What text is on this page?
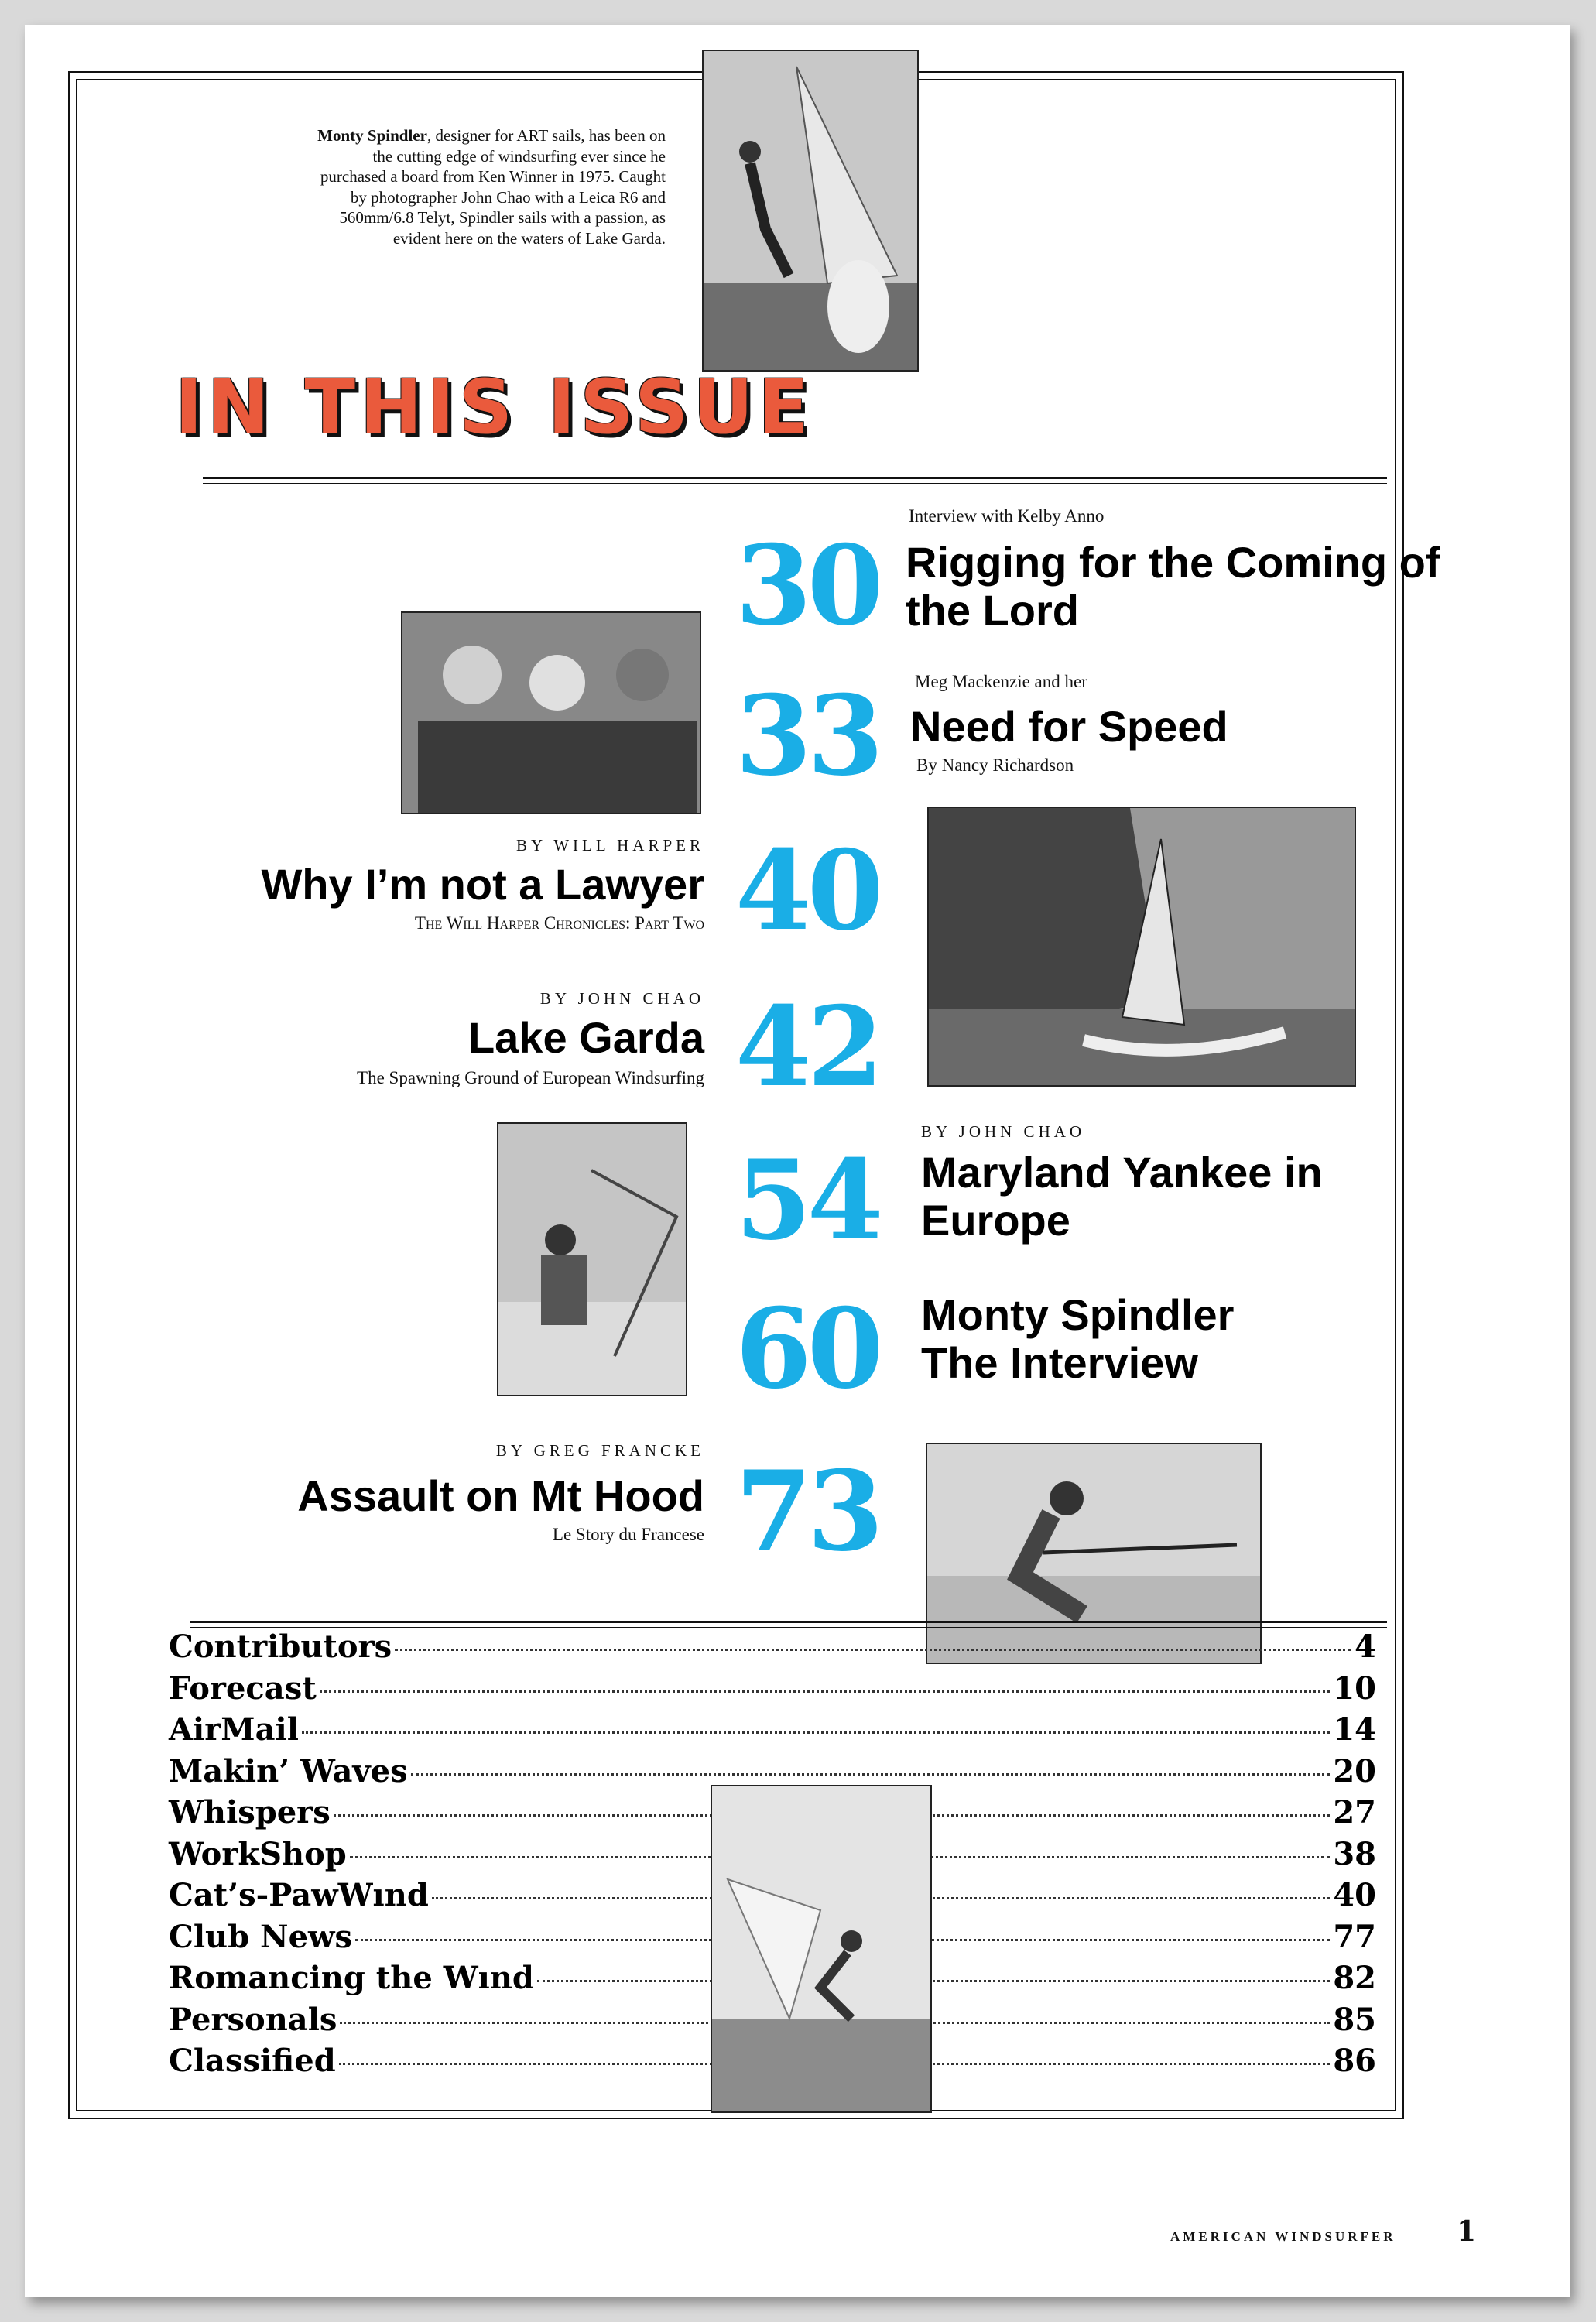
Monty Spindler, designer for ART sails, has been on the cutting edge of windsurfing ever since he purchased a board from Ken Winner in 1975. Caught by photographer John Chao with a Leica R6 and 560mm/6.8 Telyt, Spindler sails with a passion, as evident here on the waters of Lake Garda.
IN THIS ISSUE
Interview with Kelby Anno
30 Rigging for the Coming of the Lord
Meg Mackenzie and her
33 Need for Speed
By Nancy Richardson
BY WILL HARPER
Why I’m not a Lawyer
The Will Harper Chronicles: Part Two 40
BY JOHN CHAO
Lake Garda
The Spawning Ground of European Windsurfing 42
BY JOHN CHAO
54 Maryland Yankee in Europe
60 Monty Spindler The Interview
BY GREG FRANCKE
Assault on Mt Hood
Le Story du Francese 73
Contributors	4
Forecast	10
AirMail	14
Makin’ Waves	20
Whispers	27
WorkShop	38
Cat’s-PawWınd	40
Club News	77
Romancing the Wınd	82
Personals	85
Classified	86
AMERICAN WINDSURFER 1
